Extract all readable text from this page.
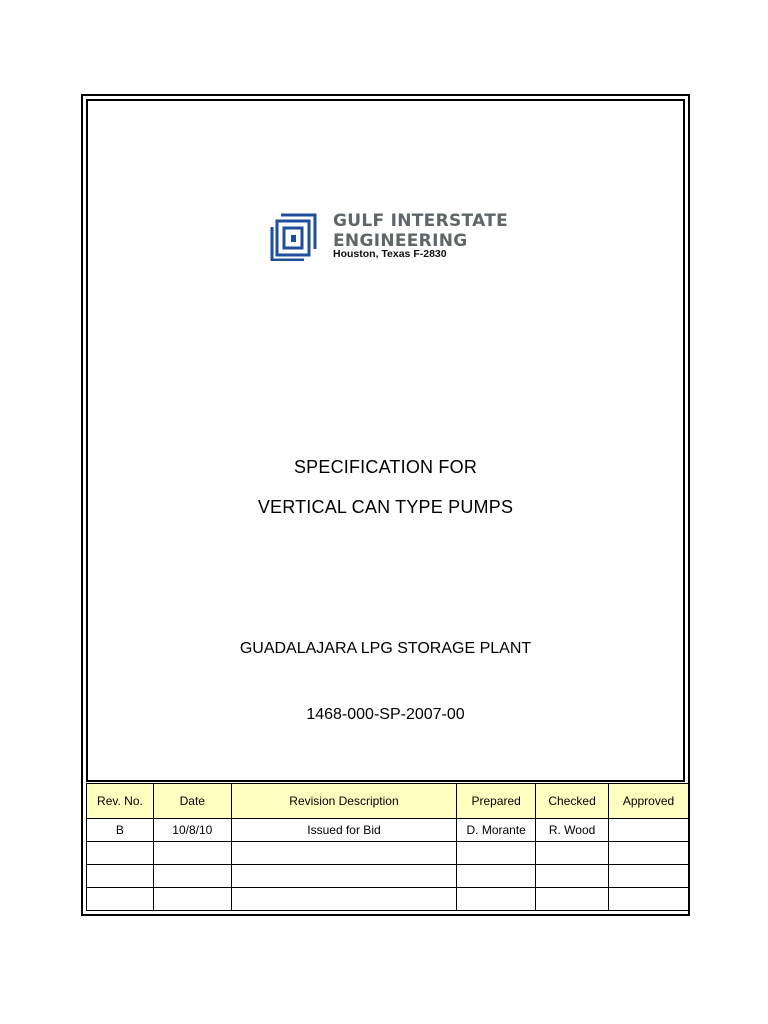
GULF INTERSTATE
ENGINEERING
Houston, Texas F-2830
SPECIFICATION FOR
VERTICAL CAN TYPE PUMPS
GUADALAJARA LPG STORAGE PLANT
1468-000-SP-2007-00
Rev. No.	Date	Revision Description	Prepared	Checked	Approved
B	10/8/10	Issued for Bid	D. Morante	R. Wood	
